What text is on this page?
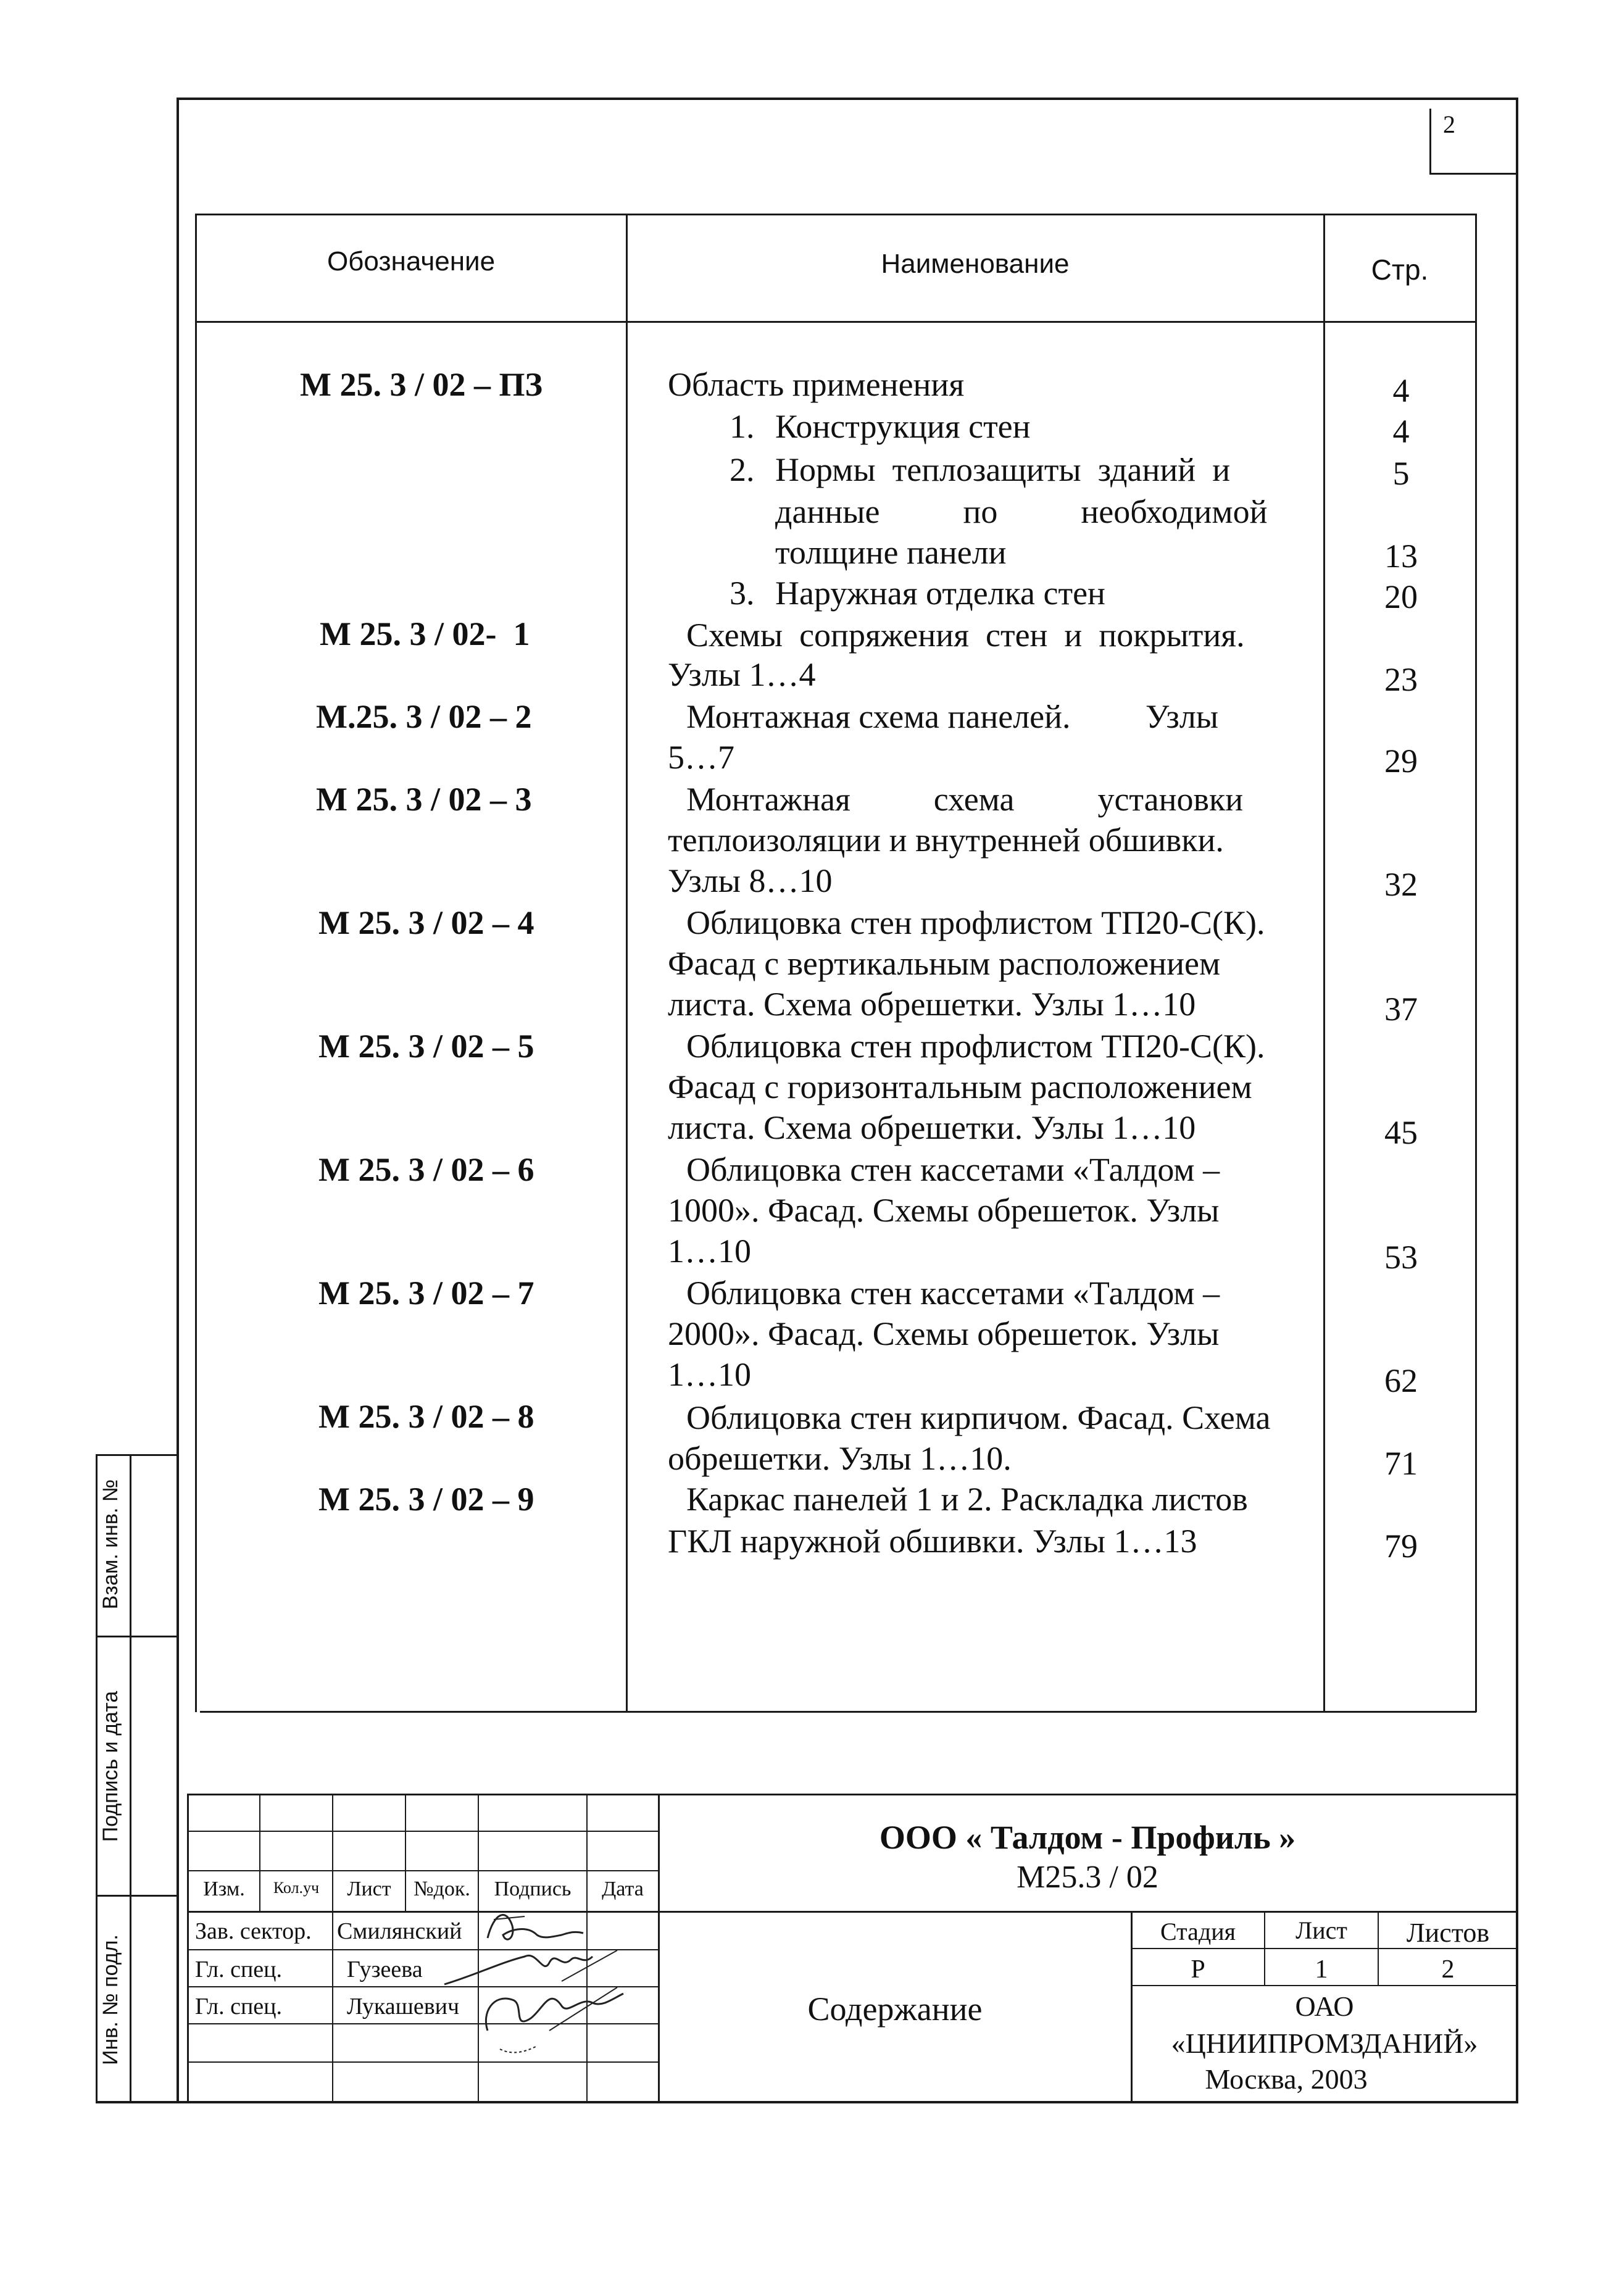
2
Обозначение	Наименование	Стр.
М 25. 3 / 02 – ПЗ	Область применения	4
1. Конструкция стен	4
2. Нормы  теплозащиты  зданий  и	5
данные          по          необходимой
толщине панели	13
3. Наружная отделка стен	20
М 25. 3 / 02-  1	Схемы  сопряжения  стен  и  покрытия.
Узлы 1…4	23
М.25. 3 / 02 – 2	Монтажная схема панелей.         Узлы
5…7	29
М 25. 3 / 02 – 3	Монтажная          схема          установки
теплоизоляции и внутренней обшивки.
Узлы 8…10	32
М 25. 3 / 02 – 4	Облицовка стен профлистом ТП20-С(К).
Фасад с вертикальным расположением
листа. Схема обрешетки. Узлы 1…10	37
М 25. 3 / 02 – 5	Облицовка стен профлистом ТП20-С(К).
Фасад с горизонтальным расположением
листа. Схема обрешетки. Узлы 1…10	45
М 25. 3 / 02 – 6	Облицовка стен кассетами «Талдом –
1000». Фасад. Схемы обрешеток. Узлы
1…10	53
М 25. 3 / 02 – 7	Облицовка стен кассетами «Талдом –
2000». Фасад. Схемы обрешеток. Узлы
1…10	62
М 25. 3 / 02 – 8	Облицовка стен кирпичом. Фасад. Схема
обрешетки. Узлы 1…10.	71
М 25. 3 / 02 – 9	Каркас панелей 1 и 2. Раскладка листов
ГКЛ наружной обшивки. Узлы 1…13	79
Взам. инв. №
Подпись и дата
Инв. № подл.
Изм.	Кол.уч	Лист	№док.	Подпись	Дата
Зав. сектор. Смилянский
Гл. спец.	Гузеева
Гл. спец.	Лукашевич
ООО « Талдом - Профиль »
М25.3 / 02
Стадия	Лист	Листов
Р	1	2
Содержание	ОАО
«ЦНИИПРОМЗДАНИЙ»
Москва, 2003
